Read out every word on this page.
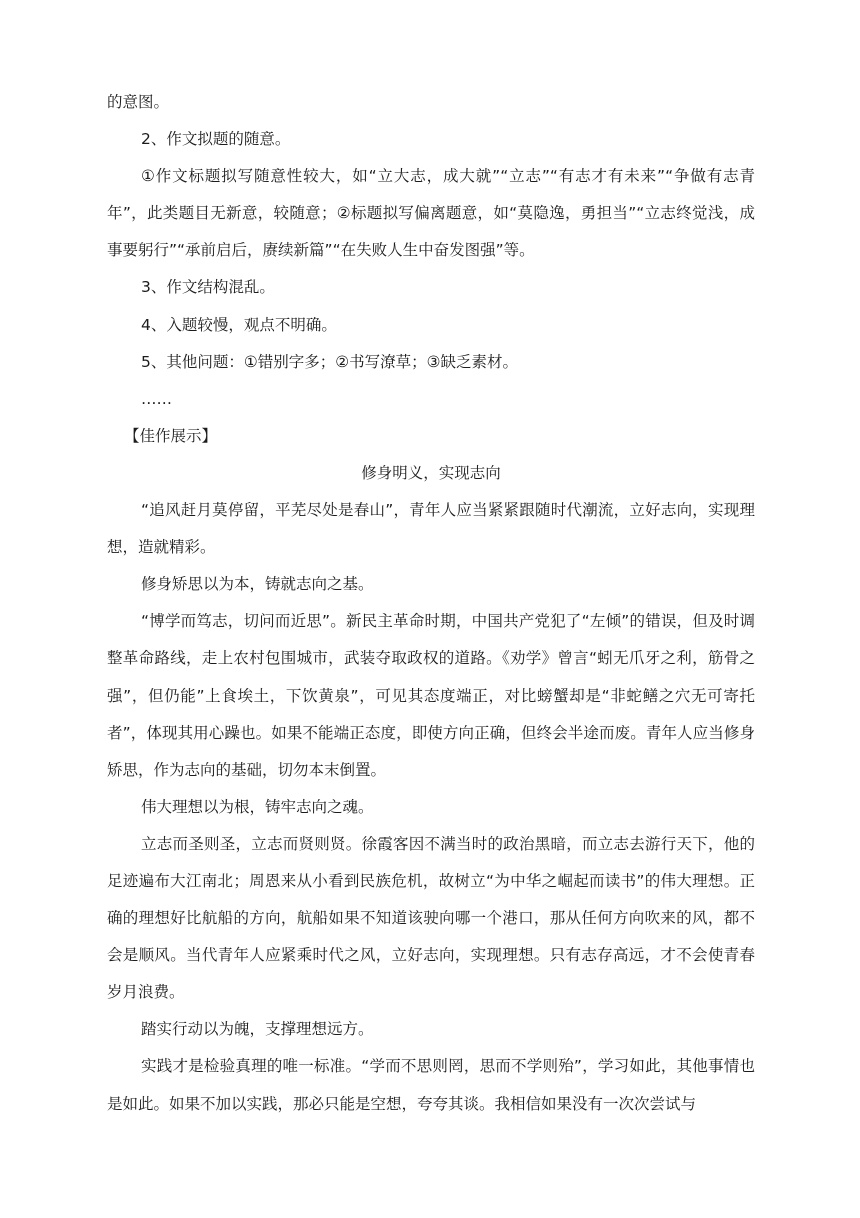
的意图。

2、作文拟题的随意。

①作文标题拟写随意性较大，如“立大志，成大就”“立志”“有志才有未来”“争做有志青年”，此类题目无新意，较随意；②标题拟写偏离题意，如“莫隐逸，勇担当”“立志终觉浅，成事要躬行”“承前启后，赓续新篇”“在失败人生中奋发图强”等。

3、作文结构混乱。

4、入题较慢，观点不明确。

5、其他问题：①错别字多；②书写潦草；③缺乏素材。

……

【佳作展示】

修身明义，实现志向

“追风赶月莫停留，平芜尽处是春山”，青年人应当紧紧跟随时代潮流，立好志向，实现理想，造就精彩。

修身矫思以为本，铸就志向之基。

“博学而笃志，切问而近思”。新民主革命时期，中国共产党犯了“左倾”的错误，但及时调整革命路线，走上农村包围城市，武装夺取政权的道路。《劝学》曾言“蚓无爪牙之利，筋骨之强”，但仍能”上食埃土，下饮黄泉”，可见其态度端正，对比螃蟹却是“非蛇鳝之穴无可寄托者”，体现其用心躁也。如果不能端正态度，即使方向正确，但终会半途而废。青年人应当修身矫思，作为志向的基础，切勿本末倒置。

伟大理想以为根，铸牢志向之魂。

立志而圣则圣，立志而贤则贤。徐霞客因不满当时的政治黑暗，而立志去游行天下，他的足迹遍布大江南北；周恩来从小看到民族危机，故树立“为中华之崛起而读书”的伟大理想。正确的理想好比航船的方向，航船如果不知道该驶向哪一个港口，那从任何方向吹来的风，都不会是顺风。当代青年人应紧乘时代之风，立好志向，实现理想。只有志存高远，才不会使青春岁月浪费。

踏实行动以为魄，支撑理想远方。

实践才是检验真理的唯一标准。“学而不思则罔，思而不学则殆”，学习如此，其他事情也是如此。如果不加以实践，那必只能是空想，夸夸其谈。我相信如果没有一次次尝试与
